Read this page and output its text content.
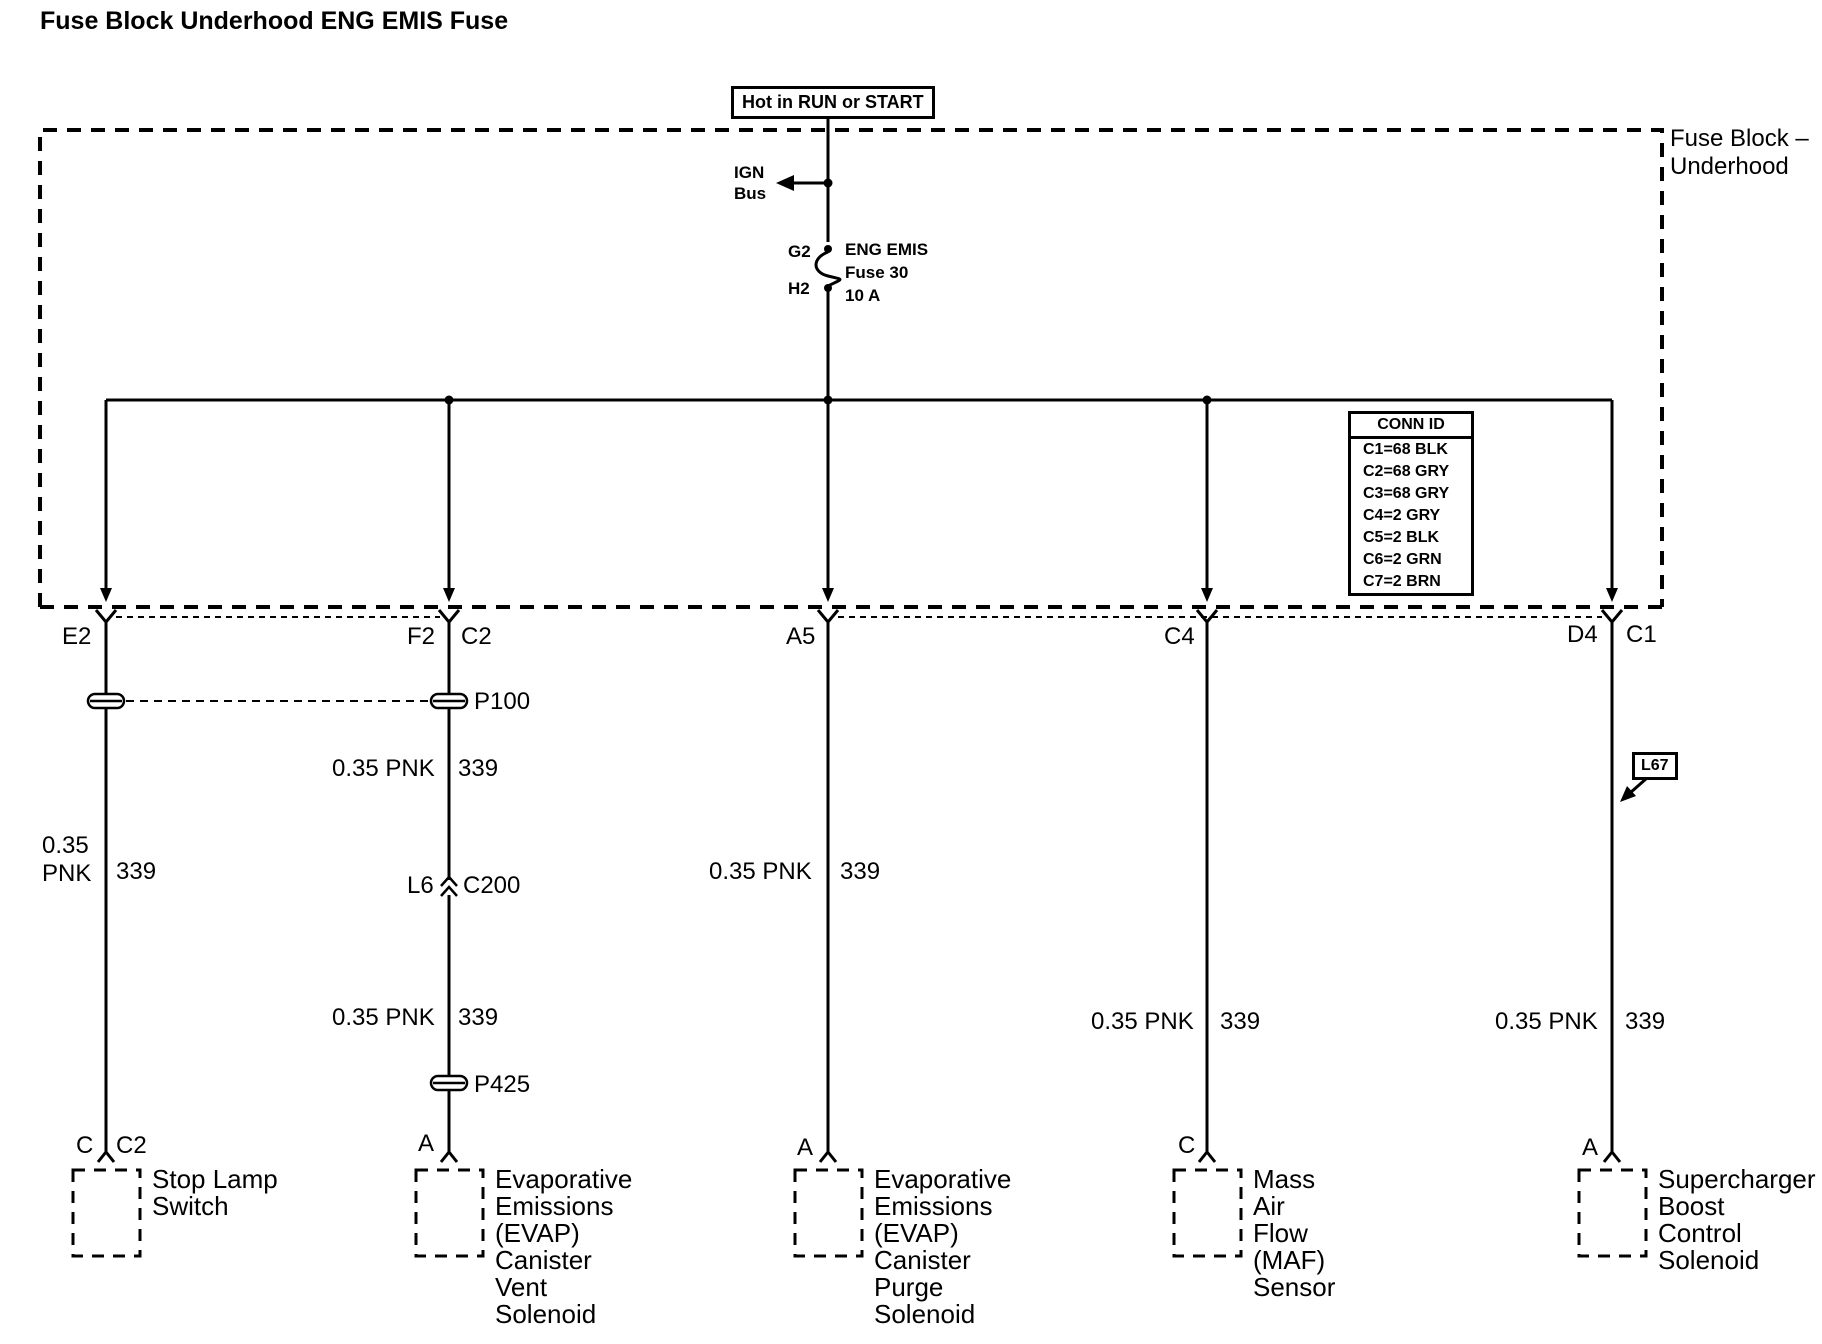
Fuse Block Underhood ENG EMIS Fuse
Hot in RUN or START
Fuse Block –
Underhood
IGN
Bus
G2
H2
ENG EMIS
Fuse 30
10 A
CONN ID
C1=68 BLK
C2=68 GRY
C3=68 GRY
C4=2 GRY
C5=2 BLK
C6=2 GRN
C7=2 BRN
E2	F2 C2	A5	C4	D4 C1
P100
P425
0.35
PNK 339
0.35 PNK 339
L6 C200
0.35 PNK 339
0.35 PNK 339
0.35 PNK 339	0.35 PNK 339
L67
C C2	A	A	C	A
Stop Lamp
Switch
Evaporative
Emissions
(EVAP)
Canister
Vent
Solenoid
Evaporative
Emissions
(EVAP)
Canister
Purge
Solenoid
Mass
Air
Flow
(MAF)
Sensor
Supercharger
Boost
Control
Solenoid
